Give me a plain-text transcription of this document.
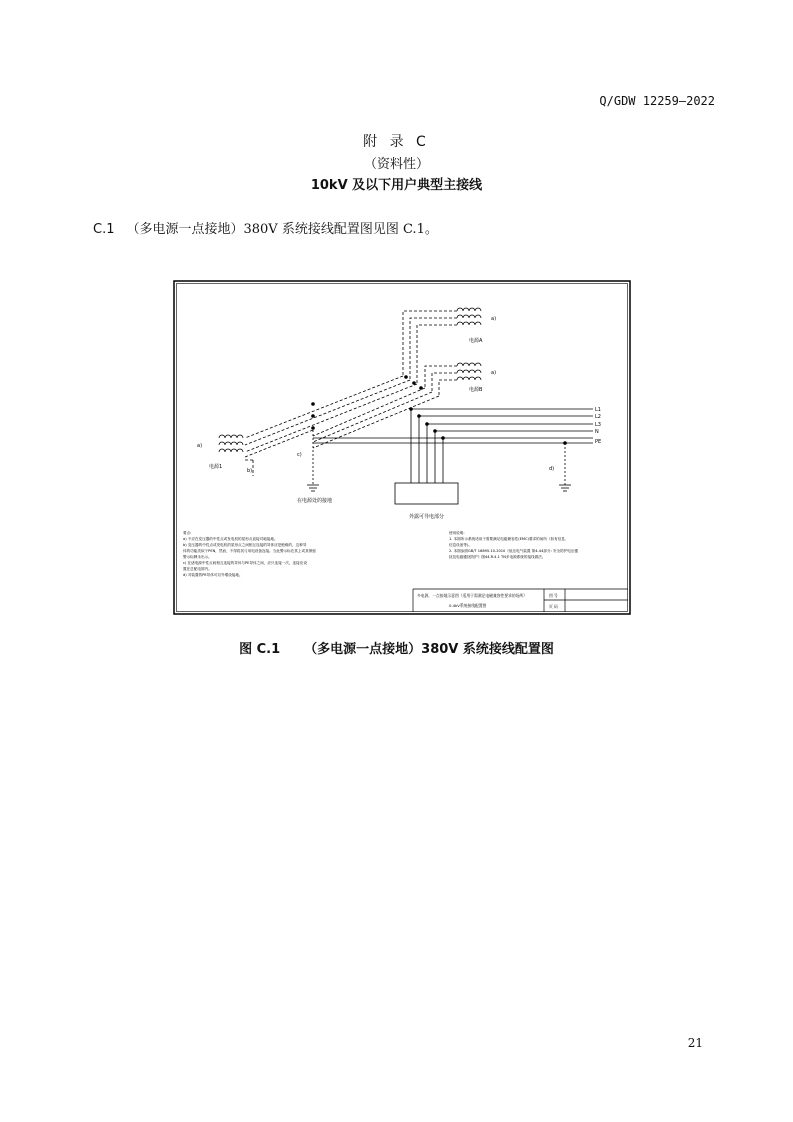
Q/GDW 12259—2022
附 录 C
（资料性）
10kV 及以下用户典型主接线
C.1 （多电源一点接地）380V 系统接线配置图见图 C.1。
a)
电源A
a)
电源B
a)
电源1
b)
c)
d)
L1
L2
L3
N
PE
在电源处的接地
外露可导电部分
要点:
a) 不应在变压器的中性点或发电机的星形点直接对地接地。
b) 变压器的中性点或发电机的星形点之间相互连接的导体应是绝缘的，这种导
体的功能类似于PEN，然而，不得将其与用电设备连接。当此警示标在其上或其保留
警示标牌未出示。
c) 在诸电源中性点间相互连接的导体与PE导体之间，应只连接一次，连接应设
置在总配电屏内。
d) 对装置的PE导体可另外增设接地。
使用说明:
1. 本图所示系统适用于需要满足电磁兼容性(EMC)要求的场所（如有信息、
信息设备等)。
2. 本图参照GB/T 16895.10-2010《低压电气装置 第4-44部分: 安全防护电压骚
扰及电磁骚扰防护》图44.R.4.1 TN多电源系统的接线做法。
多电源、一点接地示意图（适用于需满足电磁兼容性要求的场所）
0.4kV系统接线配置图
图 号
页 码
图 C.1 （多电源一点接地）380V 系统接线配置图
21
